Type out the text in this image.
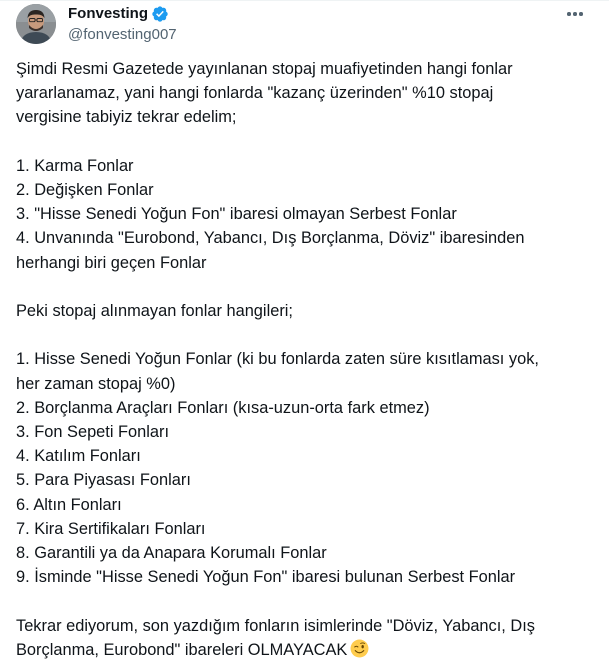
Fonvesting
@fonvesting007

Şimdi Resmi Gazetede yayınlanan stopaj muafiyetinden hangi fonlar
yararlanamaz, yani hangi fonlarda "kazanç üzerinden" %10 stopaj
vergisine tabiyiz tekrar edelim;

1. Karma Fonlar
2. Değişken Fonlar
3. "Hisse Senedi Yoğun Fon" ibaresi olmayan Serbest Fonlar
4. Unvanında "Eurobond, Yabancı, Dış Borçlanma, Döviz" ibaresinden
herhangi biri geçen Fonlar

Peki stopaj alınmayan fonlar hangileri;

1. Hisse Senedi Yoğun Fonlar (ki bu fonlarda zaten süre kısıtlaması yok,
her zaman stopaj %0)
2. Borçlanma Araçları Fonları (kısa-uzun-orta fark etmez)
3. Fon Sepeti Fonları
4. Katılım Fonları
5. Para Piyasası Fonları
6. Altın Fonları
7. Kira Sertifikaları Fonları
8. Garantili ya da Anapara Korumalı Fonlar
9. İsminde "Hisse Senedi Yoğun Fon" ibaresi bulunan Serbest Fonlar

Tekrar ediyorum, son yazdığım fonların isimlerinde "Döviz, Yabancı, Dış
Borçlanma, Eurobond" ibareleri OLMAYACAK
